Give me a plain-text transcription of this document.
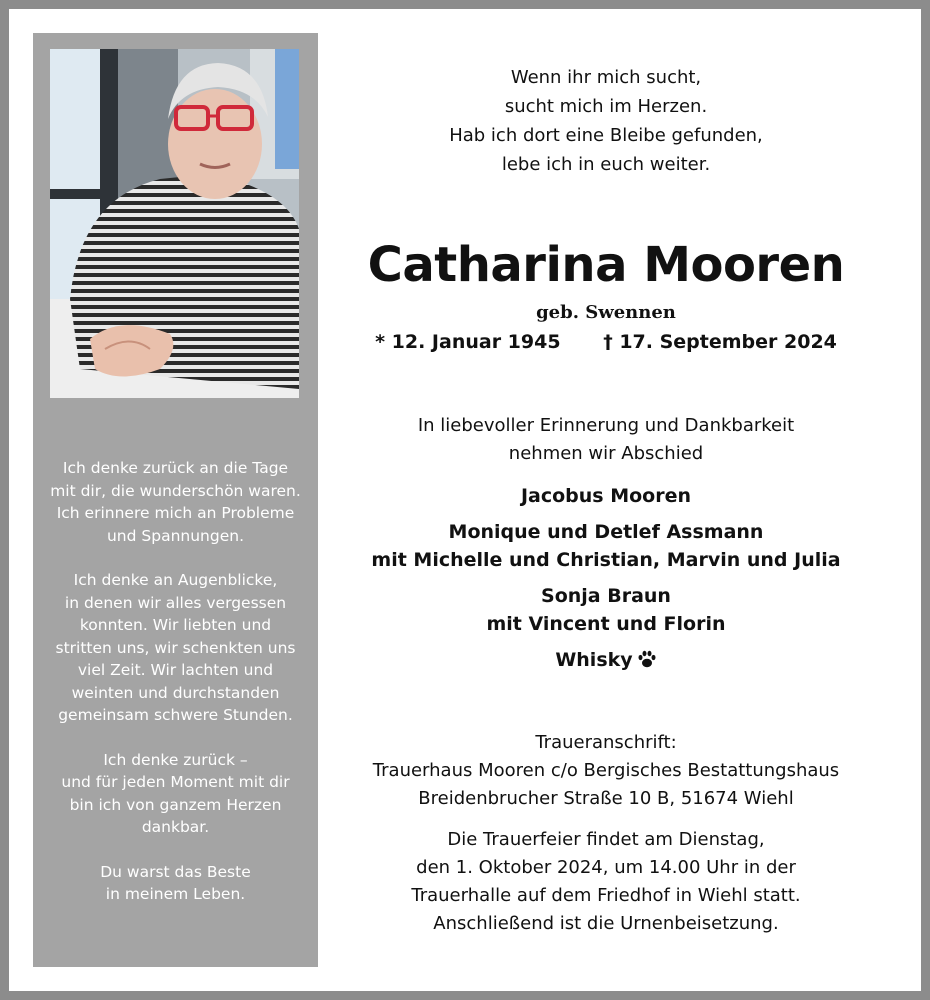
Ich denke zurück an die Tage
mit dir, die wunderschön waren.
Ich erinnere mich an Probleme
und Spannungen.

Ich denke an Augenblicke,
in denen wir alles vergessen
konnten. Wir liebten und
stritten uns, wir schenkten uns
viel Zeit. Wir lachten und
weinten und durchstanden
gemeinsam schwere Stunden.

Ich denke zurück –
und für jeden Moment mit dir
bin ich von ganzem Herzen
dankbar.

Du warst das Beste
in meinem Leben.

Wenn ihr mich sucht,
sucht mich im Herzen.
Hab ich dort eine Bleibe gefunden,
lebe ich in euch weiter.
Catharina Mooren
geb. Swennen
* 12. Januar 1945 † 17. September 2024
In liebevoller Erinnerung und Dankbarkeit
nehmen wir Abschied
Jacobus Mooren
Monique und Detlef Assmann
mit Michelle und Christian, Marvin und Julia
Sonja Braun
mit Vincent und Florin
Whisky
Traueranschrift:
Trauerhaus Mooren c/o Bergisches Bestattungshaus
Breidenbrucher Straße 10 B, 51674 Wiehl
Die Trauerfeier findet am Dienstag,
den 1. Oktober 2024, um 14.00 Uhr in der
Trauerhalle auf dem Friedhof in Wiehl statt.
Anschließend ist die Urnenbeisetzung.
